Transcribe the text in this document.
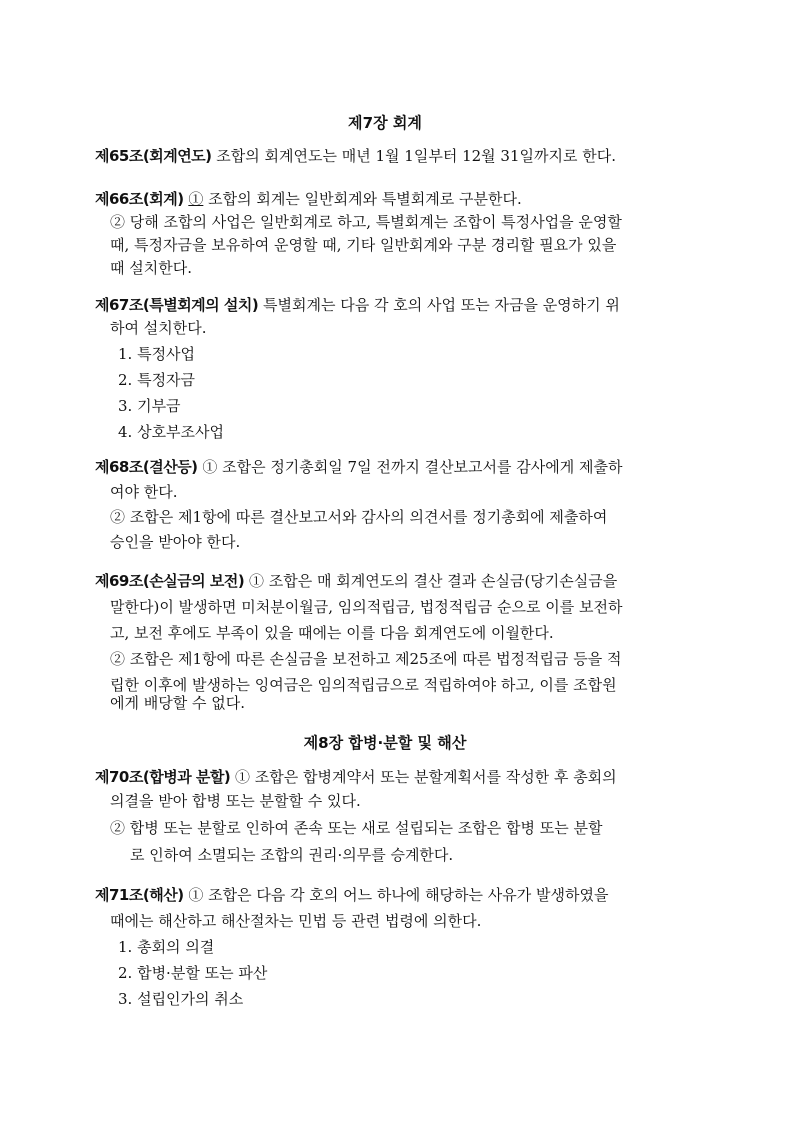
제7장 회계
제65조(회계연도) 조합의 회계연도는 매년 1월 1일부터 12월 31일까지로 한다.
제66조(회계) ① 조합의 회계는 일반회계와 특별회계로 구분한다.
② 당해 조합의 사업은 일반회계로 하고, 특별회계는 조합이 특정사업을 운영할
때, 특정자금을 보유하여 운영할 때, 기타 일반회계와 구분 경리할 필요가 있을
때 설치한다.
제67조(특별회계의 설치) 특별회계는 다음 각 호의 사업 또는 자금을 운영하기 위
하여 설치한다.
1. 특정사업
2. 특정자금
3. 기부금
4. 상호부조사업
제68조(결산등) ① 조합은 정기총회일 7일 전까지 결산보고서를 감사에게 제출하
여야 한다.
② 조합은 제1항에 따른 결산보고서와 감사의 의견서를 정기총회에 제출하여
승인을 받아야 한다.
제69조(손실금의 보전) ① 조합은 매 회계연도의 결산 결과 손실금(당기손실금을
말한다)이 발생하면 미처분이월금, 임의적립금, 법정적립금 순으로 이를 보전하
고, 보전 후에도 부족이 있을 때에는 이를 다음 회계연도에 이월한다.
② 조합은 제1항에 따른 손실금을 보전하고 제25조에 따른 법정적립금 등을 적
립한 이후에 발생하는 잉여금은 임의적립금으로 적립하여야 하고, 이를 조합원
에게 배당할 수 없다.
제8장 합병·분할 및 해산
제70조(합병과 분할) ① 조합은 합병계약서 또는 분할계획서를 작성한 후 총회의
의결을 받아 합병 또는 분할할 수 있다.
② 합병 또는 분할로 인하여 존속 또는 새로 설립되는 조합은 합병 또는 분할
로 인하여 소멸되는 조합의 권리·의무를 승계한다.
제71조(해산) ① 조합은 다음 각 호의 어느 하나에 해당하는 사유가 발생하였을
때에는 해산하고 해산절차는 민법 등 관련 법령에 의한다.
1. 총회의 의결
2. 합병·분할 또는 파산
3. 설립인가의 취소
